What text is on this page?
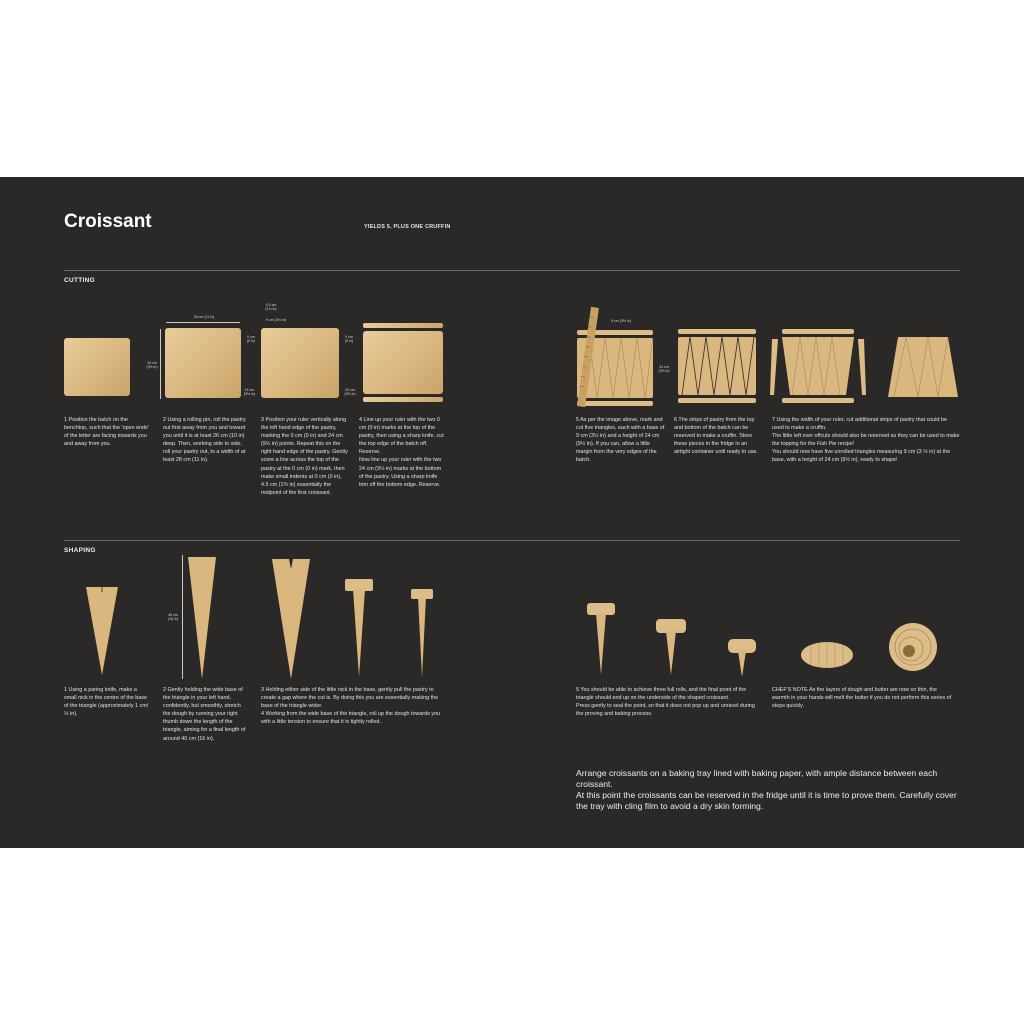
Croissant	YIELDS 5, PLUS ONE CRUFFIN
CUTTING
28 cm (11 in)
24 cm
(9½ in)
4.5 cm
(1¾ in)
9 cm (3½ in)
0 cm
(0 in)
24 cm
(9½ in)
0 cm
(0 in)
24 cm
(9½ in)
9 cm (3½ in)
24 cm
(9½ in)
1 Position the batch on the benchtop, such that the 'open ends' of the letter are facing towards you and away from you.
2 Using a rolling pin, roll the pastry out first away from you and toward you until it is at least 26 cm (10 in) deep. Then, working side to side, roll your pastry out, to a width of at least 28 cm (11 in).
3 Position your ruler vertically along the left hand edge of the pastry, marking the 0 cm (0 in) and 24 cm (9½ in) points. Repeat this on the right hand edge of the pastry. Gently score a line across the top of the pastry at the 0 cm (0 in) mark, then make small indents at 0 cm (0 in), 4.5 cm (1¾ in) essentially the midpoint of the first croissant.
4 Line up your ruler with the two 0 cm (0 in) marks at the top of the pastry, then using a sharp knife, cut the top edge of the batch off. Reserve.
Now line up your ruler with the two 24 cm (9½ in) marks at the bottom of the pastry. Using a sharp knife trim off the bottom edge. Reserve.
5 As per the image above, mark and cut five triangles, each with a base of 9 cm (3½ in) and a height of 24 cm (9½ in). If you can, allow a little margin from the very edges of the batch.
6 The strips of pastry from the top and bottom of the batch can be reserved to make a cruffin. Store these pieces in the fridge in an airtight container until ready to use.
7 Using the width of your ruler, cut additional strips of pastry that could be used to make a cruffin.
The little left over offcuts should also be reserved as they can be used to make the topping for the Fish Pie recipe!
You should now have five unrolled triangles measuring 9 cm (3 ½ in) at the base, with a height of 24 cm (9½ in), ready to shape!
SHAPING
40 cm
(16 in)
1 Using a paring knife, make a small nick in the centre of the base of the triangle (approximately 1 cm/ ½ in).
2 Gently holding the wide base of the triangle in your left hand, confidently, but smoothly, stretch the dough by running your right thumb down the length of the triangle, aiming for a final length of around 40 cm (16 in).
3 Holding either side of the little nick in the base, gently pull the pastry to create a gap where the cut is. By doing this you are essentially making the base of the triangle wider.
4 Working from the wide base of the triangle, roll up the dough towards you with a little tension to ensure that it is tightly rolled.
5 You should be able to achieve three full rolls, and the final point of the triangle should end up on the underside of the shaped croissant.
Press gently to seal the point, so that it does not pop up and unravel during the proving and baking process.
CHEF'S NOTE As the layers of dough and butter are now so thin, the warmth in your hands will melt the butter if you do not perform this series of steps quickly.
Arrange croissants on a baking tray lined with baking paper, with ample distance between each croissant.
At this point the croissants can be reserved in the fridge until it is time to prove them. Carefully cover the tray with cling film to avoid a dry skin forming.
